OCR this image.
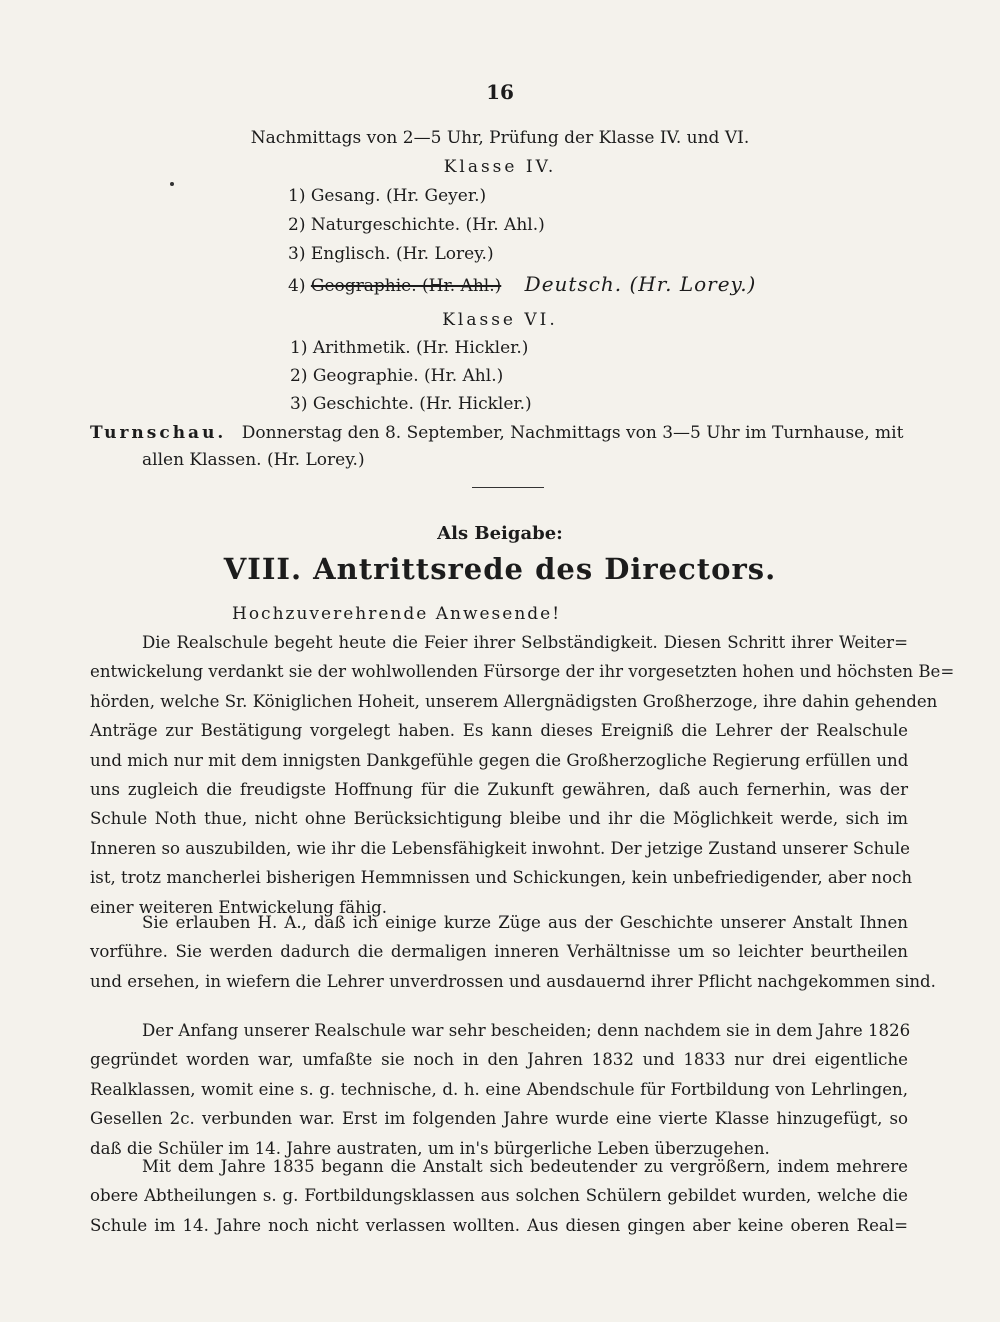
16
Nachmittags von 2—5 Uhr, Prüfung der Klasse IV. und VI.
Klasse IV.
1) Gesang. (Hr. Geyer.)
2) Naturgeschichte. (Hr. Ahl.)
3) Englisch. (Hr. Lorey.)
4) Geographie. (Hr. Ahl.) Deutsch. (Hr. Lorey.)
Klasse VI.
1) Arithmetik. (Hr. Hickler.)
2) Geographie. (Hr. Ahl.)
3) Geschichte. (Hr. Hickler.)
Turnschau. Donnerstag den 8. September, Nachmittags von 3—5 Uhr im Turnhause, mit
allen Klassen. (Hr. Lorey.)
Als Beigabe:
VIII. Antrittsrede des Directors.
Hochzuverehrende Anwesende!
Die Realschule begeht heute die Feier ihrer Selbständigkeit. Diesen Schritt ihrer Weiter=
entwickelung verdankt sie der wohlwollenden Fürsorge der ihr vorgesetzten hohen und höchsten Be=
hörden, welche Sr. Königlichen Hoheit, unserem Allergnädigsten Großherzoge, ihre dahin gehenden
Anträge zur Bestätigung vorgelegt haben. Es kann dieses Ereigniß die Lehrer der Realschule
und mich nur mit dem innigsten Dankgefühle gegen die Großherzogliche Regierung erfüllen und
uns zugleich die freudigste Hoffnung für die Zukunft gewähren, daß auch fernerhin, was der
Schule Noth thue, nicht ohne Berücksichtigung bleibe und ihr die Möglichkeit werde, sich im
Inneren so auszubilden, wie ihr die Lebensfähigkeit inwohnt. Der jetzige Zustand unserer Schule
ist, trotz mancherlei bisherigen Hemmnissen und Schickungen, kein unbefriedigender, aber noch
einer weiteren Entwickelung fähig.
Sie erlauben H. A., daß ich einige kurze Züge aus der Geschichte unserer Anstalt Ihnen
vorführe. Sie werden dadurch die dermaligen inneren Verhältnisse um so leichter beurtheilen
und ersehen, in wiefern die Lehrer unverdrossen und ausdauernd ihrer Pflicht nachgekommen sind.
Der Anfang unserer Realschule war sehr bescheiden; denn nachdem sie in dem Jahre 1826
gegründet worden war, umfaßte sie noch in den Jahren 1832 und 1833 nur drei eigentliche
Realklassen, womit eine s. g. technische, d. h. eine Abendschule für Fortbildung von Lehrlingen,
Gesellen 2c. verbunden war. Erst im folgenden Jahre wurde eine vierte Klasse hinzugefügt, so
daß die Schüler im 14. Jahre austraten, um in's bürgerliche Leben überzugehen.
Mit dem Jahre 1835 begann die Anstalt sich bedeutender zu vergrößern, indem mehrere
obere Abtheilungen s. g. Fortbildungsklassen aus solchen Schülern gebildet wurden, welche die
Schule im 14. Jahre noch nicht verlassen wollten. Aus diesen gingen aber keine oberen Real=
